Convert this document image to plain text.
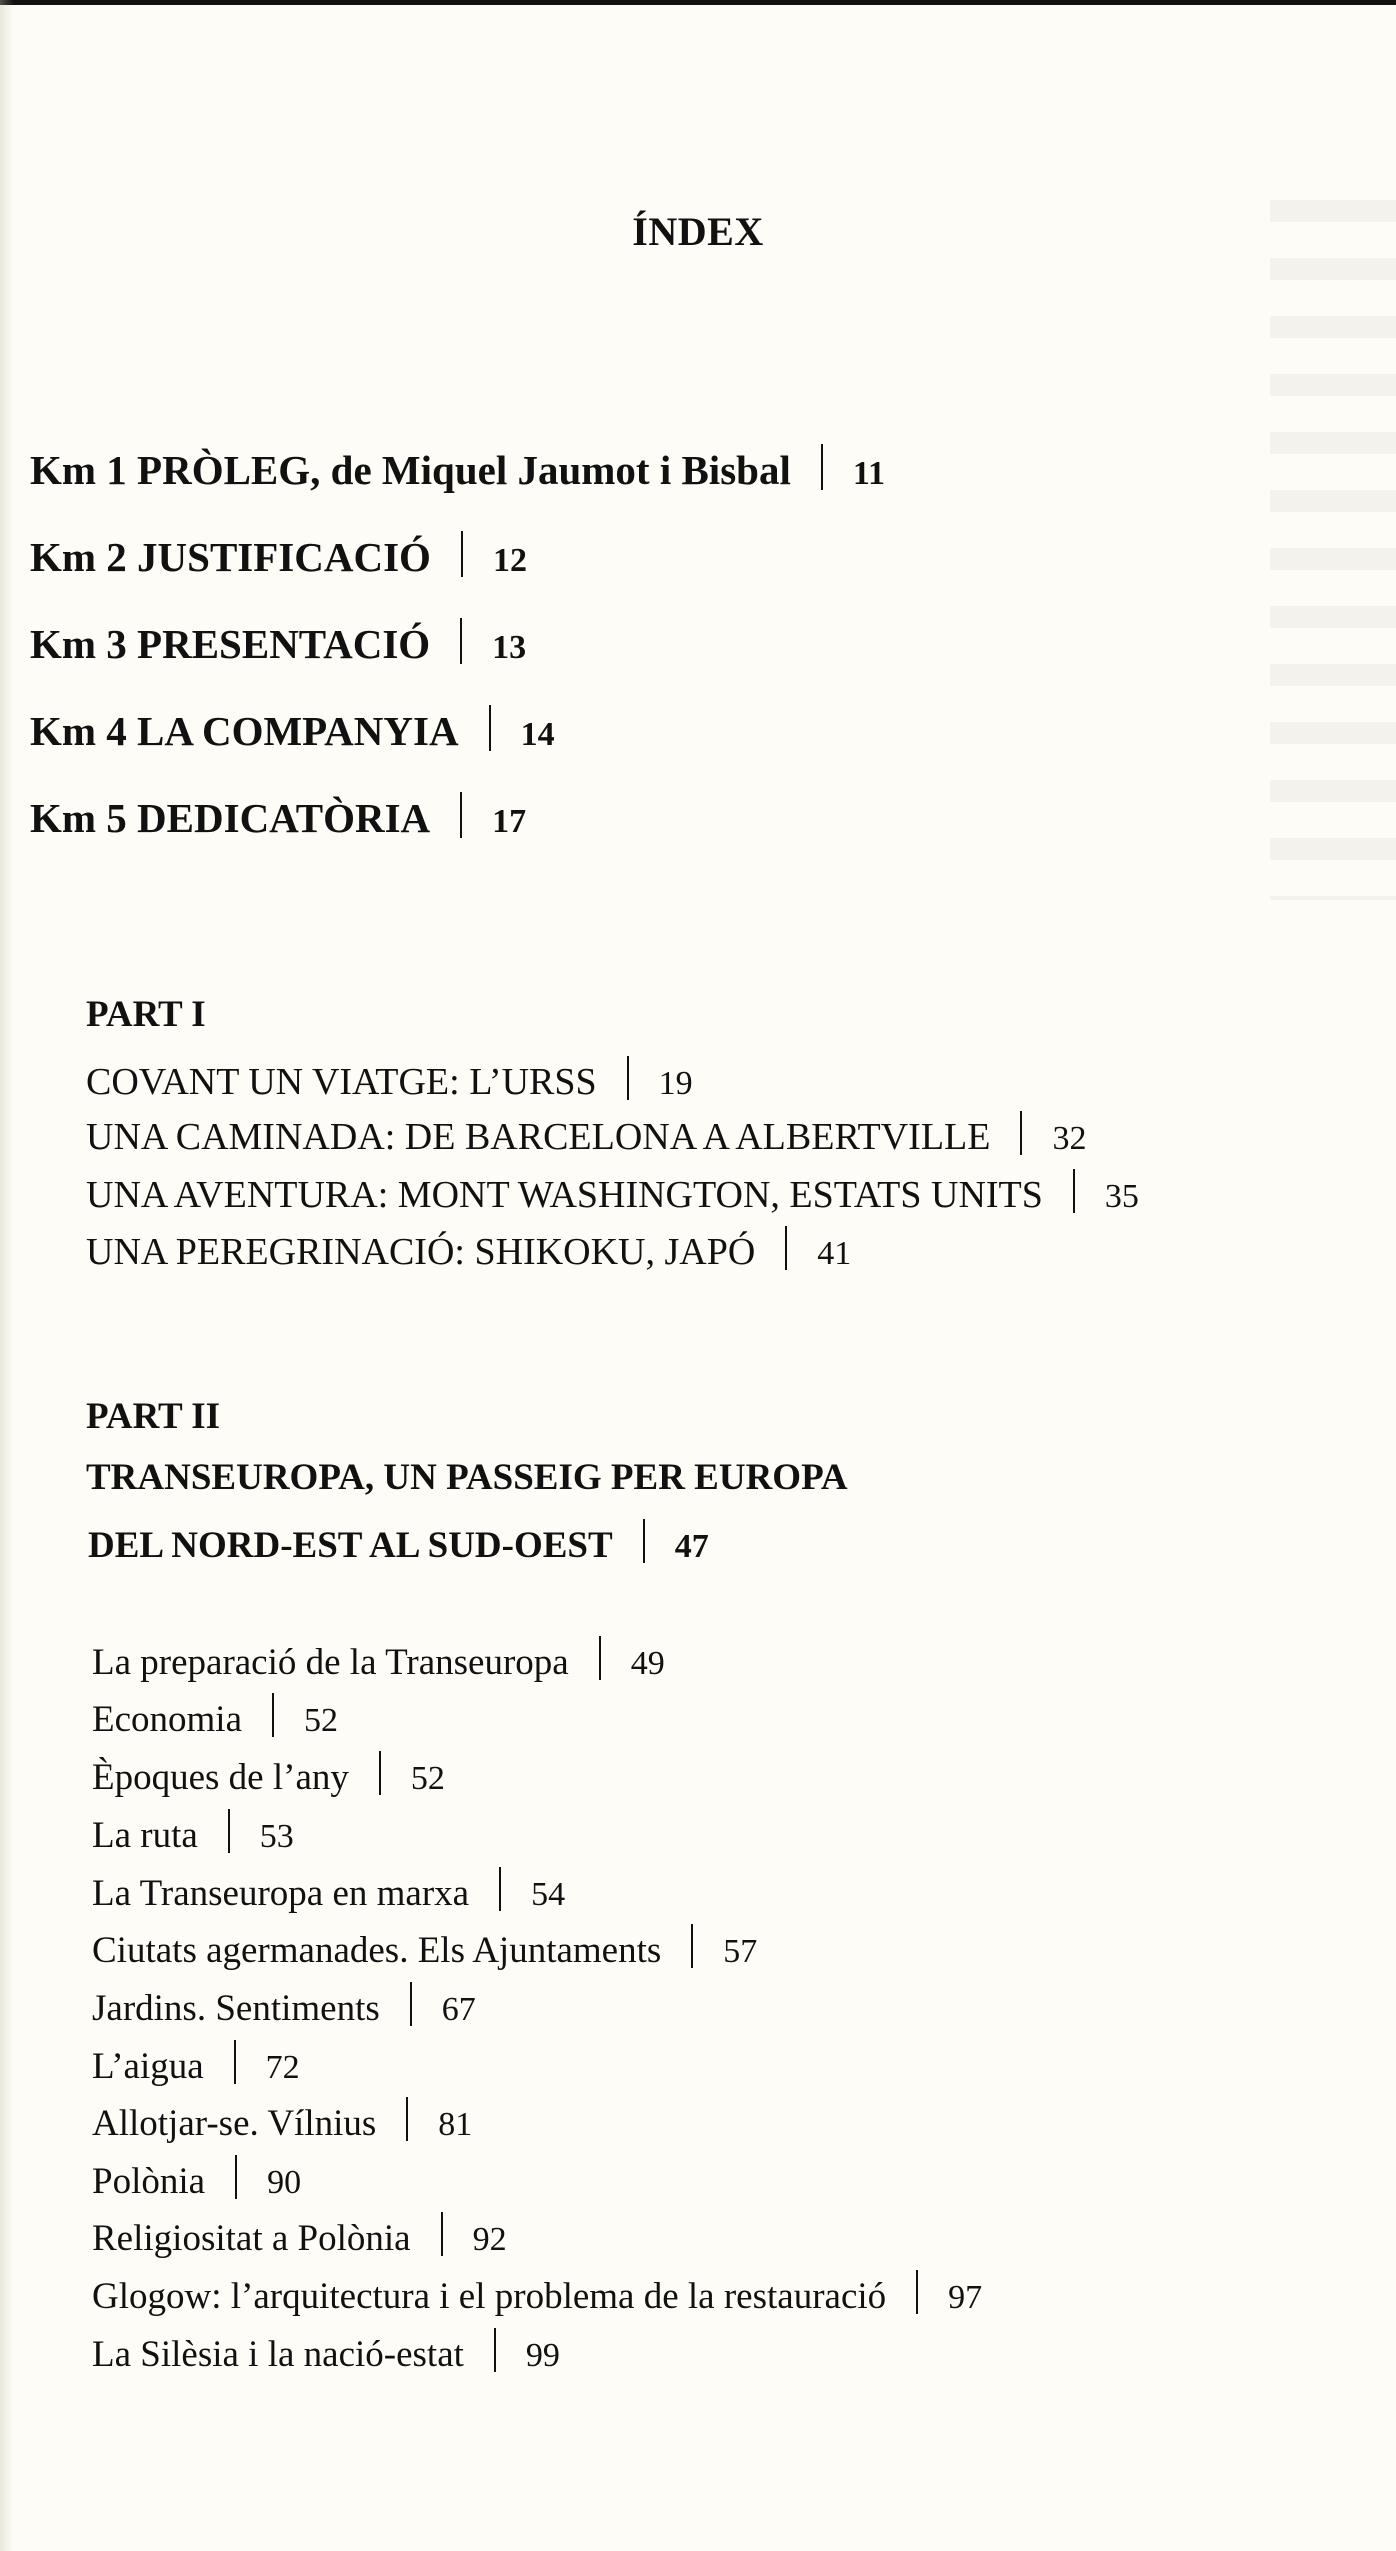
ÍNDEX
Km 1 PRÒLEG, de Miquel Jaumot i Bisbal 11
Km 2 JUSTIFICACIÓ 12
Km 3 PRESENTACIÓ 13
Km 4 LA COMPANYIA 14
Km 5 DEDICATÒRIA 17
PART I
COVANT UN VIATGE: L’URSS 19
UNA CAMINADA: DE BARCELONA A ALBERTVILLE 32
UNA AVENTURA: MONT WASHINGTON, ESTATS UNITS 35
UNA PEREGRINACIÓ: SHIKOKU, JAPÓ 41
PART II
TRANSEUROPA, UN PASSEIG PER EUROPA
DEL NORD-EST AL SUD-OEST 47
La preparació de la Transeuropa 49
Economia 52
Èpoques de l’any 52
La ruta 53
La Transeuropa en marxa 54
Ciutats agermanades. Els Ajuntaments 57
Jardins. Sentiments 67
L’aigua 72
Allotjar-se. Vílnius 81
Polònia 90
Religiositat a Polònia 92
Glogow: l’arquitectura i el problema de la restauració 97
La Silèsia i la nació-estat 99
